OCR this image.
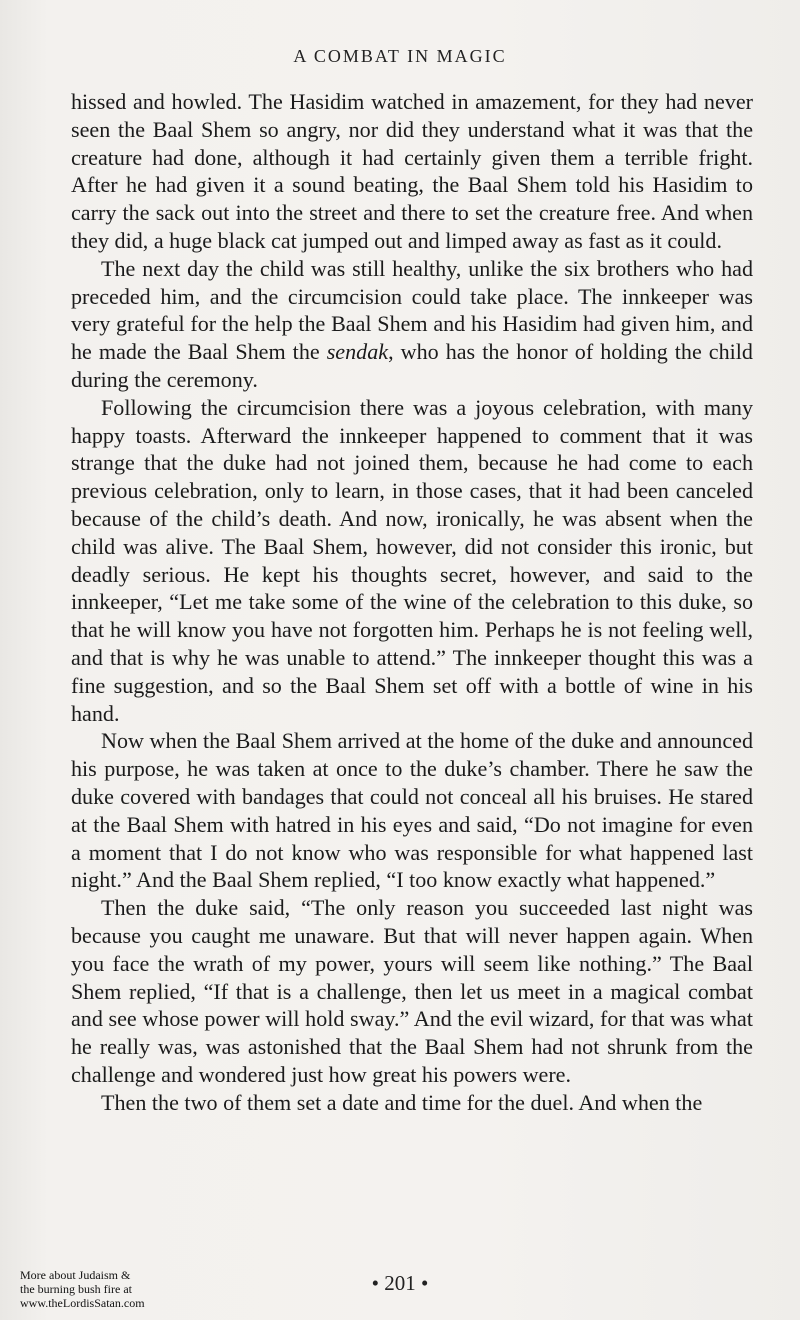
A COMBAT IN MAGIC

hissed and howled. The Hasidim watched in amazement, for they had never seen the Baal Shem so angry, nor did they understand what it was that the creature had done, although it had certainly given them a terrible fright. After he had given it a sound beating, the Baal Shem told his Hasidim to carry the sack out into the street and there to set the creature free. And when they did, a huge black cat jumped out and limped away as fast as it could.

The next day the child was still healthy, unlike the six brothers who had preceded him, and the circumcision could take place. The innkeeper was very grateful for the help the Baal Shem and his Hasidim had given him, and he made the Baal Shem the sendak, who has the honor of holding the child during the ceremony.

Following the circumcision there was a joyous celebration, with many happy toasts. Afterward the innkeeper happened to comment that it was strange that the duke had not joined them, because he had come to each previous celebration, only to learn, in those cases, that it had been canceled because of the child’s death. And now, ironically, he was absent when the child was alive. The Baal Shem, however, did not consider this ironic, but deadly serious. He kept his thoughts secret, however, and said to the innkeeper, “Let me take some of the wine of the celebration to this duke, so that he will know you have not forgotten him. Perhaps he is not feeling well, and that is why he was unable to attend.” The innkeeper thought this was a fine suggestion, and so the Baal Shem set off with a bottle of wine in his hand.

Now when the Baal Shem arrived at the home of the duke and announced his purpose, he was taken at once to the duke’s chamber. There he saw the duke covered with bandages that could not conceal all his bruises. He stared at the Baal Shem with hatred in his eyes and said, “Do not imagine for even a moment that I do not know who was responsible for what happened last night.” And the Baal Shem replied, “I too know exactly what happened.”

Then the duke said, “The only reason you succeeded last night was because you caught me unaware. But that will never happen again. When you face the wrath of my power, yours will seem like nothing.” The Baal Shem replied, “If that is a challenge, then let us meet in a magical combat and see whose power will hold sway.” And the evil wizard, for that was what he really was, was astonished that the Baal Shem had not shrunk from the challenge and wondered just how great his powers were.

Then the two of them set a date and time for the duel. And when the

• 201 •
More about Judaism &
the burning bush fire at
www.theLordisSatan.com
